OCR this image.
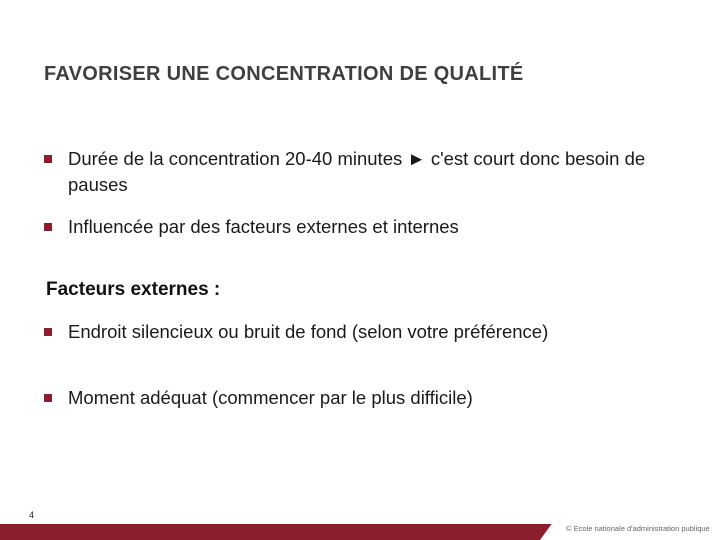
FAVORISER UNE CONCENTRATION DE QUALITÉ
Durée de la concentration 20-40 minutes ► c'est court donc besoin de pauses
Influencée par des facteurs externes et internes
Facteurs externes :
Endroit silencieux ou bruit de fond (selon votre préférence)
Moment adéquat (commencer par le plus difficile)
4
© Ecole nationale d'administration publique
